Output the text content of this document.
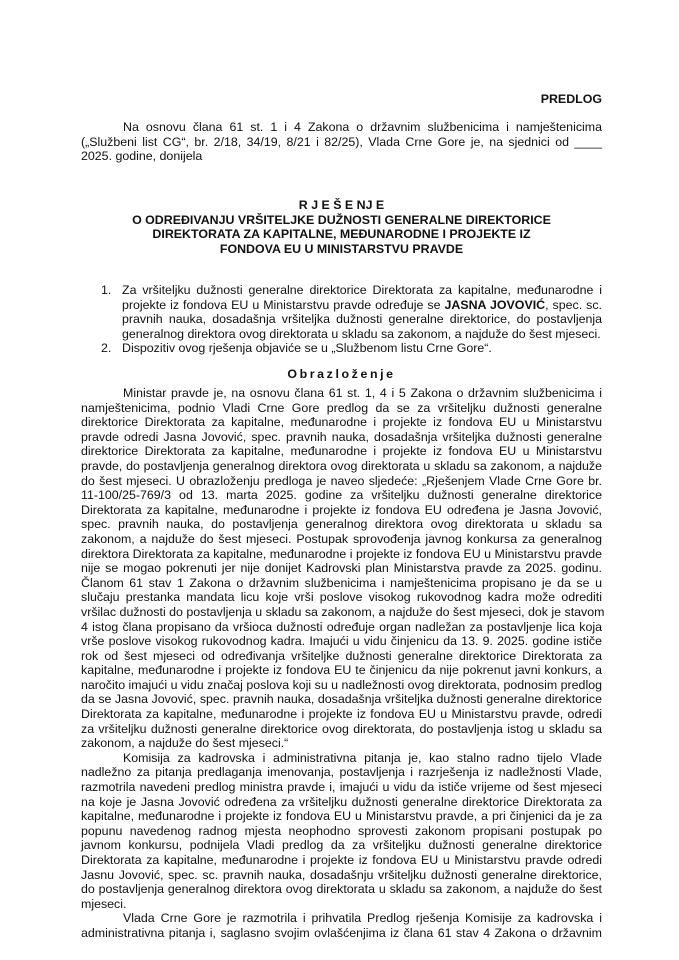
PREDLOG
Na osnovu člana 61 st. 1 i 4 Zakona o državnim službenicima i namještenicima
(„Službeni list CG“, br. 2/18, 34/19, 8/21 i 82/25), Vlada Crne Gore je, na sjednici od ____
2025. godine, donijela
R J E Š E NJ E
O ODREĐIVANJU VRŠITELJKE DUŽNOSTI GENERALNE DIREKTORICE
DIREKTORATA ZA KAPITALNE, MEĐUNARODNE I PROJEKTE IZ
FONDOVA EU U MINISTARSTVU PRAVDE
1. Za vršiteljku dužnosti generalne direktorice Direktorata za kapitalne, međunarodne i
projekte iz fondova EU u Ministarstvu pravde određuje se JASNA JOVOVIĆ, spec. sc.
pravnih nauka, dosadašnja vršiteljka dužnosti generalne direktorice, do postavljenja
generalnog direktora ovog direktorata u skladu sa zakonom, a najduže do šest mjeseci.
2. Dispozitiv ovog rješenja objaviće se u „Službenom listu Crne Gore“.
Obrazloženje
Ministar pravde je, na osnovu člana 61 st. 1, 4 i 5 Zakona o državnim službenicima i
namještenicima, podnio Vladi Crne Gore predlog da se za vršiteljku dužnosti generalne
direktorice Direktorata za kapitalne, međunarodne i projekte iz fondova EU u Ministarstvu
pravde odredi Jasna Jovović, spec. pravnih nauka, dosadašnja vršiteljka dužnosti generalne
direktorice Direktorata za kapitalne, međunarodne i projekte iz fondova EU u Ministarstvu
pravde, do postavljenja generalnog direktora ovog direktorata u skladu sa zakonom, a najduže
do šest mjeseci. U obrazloženju predloga je naveo sljedeće: „Rješenjem Vlade Crne Gore br.
11-100/25-769/3 od 13. marta 2025. godine za vršiteljku dužnosti generalne direktorice
Direktorata za kapitalne, međunarodne i projekte iz fondova EU određena je Jasna Jovović,
spec. pravnih nauka, do postavljenja generalnog direktora ovog direktorata u skladu sa
zakonom, a najduže do šest mjeseci. Postupak sprovođenja javnog konkursa za generalnog
direktora Direktorata za kapitalne, međunarodne i projekte iz fondova EU u Ministarstvu pravde
nije se mogao pokrenuti jer nije donijet Kadrovski plan Ministarstva pravde za 2025. godinu.
Članom 61 stav 1 Zakona o državnim službenicima i namještenicima propisano je da se u
slučaju prestanka mandata licu koje vrši poslove visokog rukovodnog kadra može odrediti
vršilac dužnosti do postavljenja u skladu sa zakonom, a najduže do šest mjeseci, dok je stavom
4 istog člana propisano da vršioca dužnosti određuje organ nadležan za postavljenje lica koja
vrše poslove visokog rukovodnog kadra. Imajući u vidu činjenicu da 13. 9. 2025. godine ističe
rok od šest mjeseci od određivanja vršiteljke dužnosti generalne direktorice Direktorata za
kapitalne, međunarodne i projekte iz fondova EU te činjenicu da nije pokrenut javni konkurs, a
naročito imajući u vidu značaj poslova koji su u nadležnosti ovog direktorata, podnosim predlog
da se Jasna Jovović, spec. pravnih nauka, dosadašnja vršiteljka dužnosti generalne direktorice
Direktorata za kapitalne, međunarodne i projekte iz fondova EU u Ministarstvu pravde, odredi
za vršiteljku dužnosti generalne direktorice ovog direktorata, do postavljenja istog u skladu sa
zakonom, a najduže do šest mjeseci.“
Komisija za kadrovska i administrativna pitanja je, kao stalno radno tijelo Vlade
nadležno za pitanja predlaganja imenovanja, postavljenja i razrješenja iz nadležnosti Vlade,
razmotrila navedeni predlog ministra pravde i, imajući u vidu da ističe vrijeme od šest mjeseci
na koje je Jasna Jovović određena za vršiteljku dužnosti generalne direktorice Direktorata za
kapitalne, međunarodne i projekte iz fondova EU u Ministarstvu pravde, a pri činjenici da je za
popunu navedenog radnog mjesta neophodno sprovesti zakonom propisani postupak po
javnom konkursu, podnijela Vladi predlog da za vršiteljku dužnosti generalne direktorice
Direktorata za kapitalne, međunarodne i projekte iz fondova EU u Ministarstvu pravde odredi
Jasnu Jovović, spec. sc. pravnih nauka, dosadašnju vršiteljku dužnosti generalne direktorice,
do postavljenja generalnog direktora ovog direktorata u skladu sa zakonom, a najduže do šest
mjeseci.
Vlada Crne Gore je razmotrila i prihvatila Predlog rješenja Komisije za kadrovska i
administrativna pitanja i, saglasno svojim ovlašćenjima iz člana 61 stav 4 Zakona o državnim
